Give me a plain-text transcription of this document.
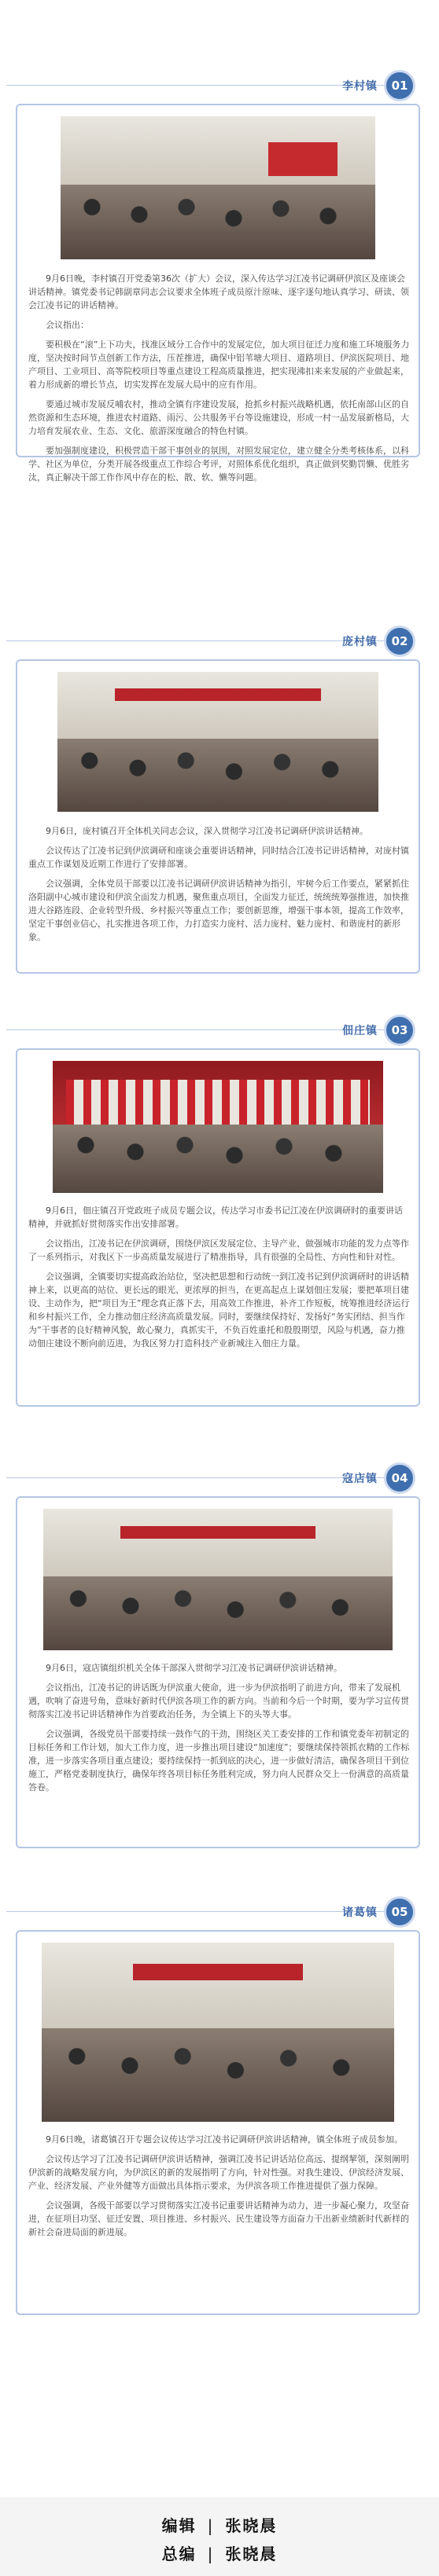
李村镇	01

9月6日晚，李村镇召开党委第36次（扩大）会议，深入传达学习江凌书记调研伊滨区及座谈会讲话精神。镇党委书记韩副章同志会议要求全体班子成员原汁原味、逐字逐句地认真学习、研读、领会江凌书记的讲话精神。

会议指出：

要积极在“滚”上下功夫，找准区域分工合作中的发展定位，加大项目征迁力度和施工环境服务力度，坚决按时间节点创新工作方法，压茬推进，确保中铝苇塘大项目、道路项目、伊滨医院项目、地产项目、工业项目、高等院校项目等重点建设工程高质量推进，把实现沸扣来来发展的产业做起来，着力形成新的增长节点，切实发挥在发展大局中的应有作用。

要通过城市发展反哺农村，推动全镇有序建设发展，抢抓乡村振兴战略机遇，依托南部山区的自然资源和生态环境，推进农村道路、雨污、公共服务平台等设施建设，形成一村一品发展新格局，大力培育发展农业、生态、文化、旅游深度融合的特色村镇。

要加强制度建设，积极营造干部干事创业的氛围，对照发展定位，建立健全分类考核体系，以科学、社区为单位，分类开展各级重点工作综合考评，对照体系优化组织，真正做到奖勤罚懒、优胜劣汰，真正解决干部工作作风中存在的松、散、软、懒等问题。

庞村镇	02

9月6日，庞村镇召开全体机关同志会议，深入贯彻学习江凌书记调研伊滨讲话精神。

会议传达了江凌书记到伊滨调研和座谈会重要讲话精神，同时结合江凌书记讲话精神，对庞村镇重点工作谋划及近期工作进行了安排部署。

会议强调，全体党员干部要以江凌书记调研伊滨讲话精神为指引，牢树今后工作要点，紧紧抓住洛阳副中心城市建设和伊滨全面发力机遇，聚焦重点项目，全面发力征迁，统统统筹强推进，加快推进大谷路连段、企业转型升级、乡村振兴等重点工作；要创新思维，增强干事本领，提高工作效率，坚定干事创业信心，扎实推进各项工作，力打造实力庞村、活力庞村、魅力庞村、和谐庞村的新形象。

佃庄镇	03

9月6日，佃庄镇召开党政班子成员专题会议，传达学习市委书记江凌在伊滨调研时的重要讲话精神，并就抓好贯彻落实作出安排部署。

会议指出，江凌书记在伊滨调研，围绕伊滨区发展定位、主导产业、做强城市功能的发力点等作了一系列指示，对我区下一步高质量发展进行了精准指导，具有很强的全局性、方向性和针对性。

会议强调，全镇要切实提高政治站位，坚决把思想和行动统一到江凌书记到伊滨调研时的讲话精神上来，以更高的站位、更长远的眼光、更浓厚的担当，在更高起点上谋划佃庄发展；要把革项目建设、主动作为，把“项目为王”理念真正落下去，用高效工作推进，补齐工作短板，统筹推进经济运行和乡村振兴工作，全力推动佃庄经济高质量发展。同时，要继续保持好、发扬好“务实团结、担当作为”干事者的良好精神风貌，敢心聚力，真抓实干，不负百姓重托和殷殷期望，风险与机遇，奋力推动佃庄建设不断向前迈进，为我区努力打造科技产业新城注入佃庄力量。

寇店镇	04

9月6日，寇店镇组织机关全体干部深入贯彻学习江凌书记调研伊滨讲话精神。

会议指出，江凌书记的讲话既为伊滨重大使命，进一步为伊滨指明了前进方向，带来了发展机遇，吹响了奋进号角，意味好新时代伊滨各项工作的新方向。当前和今后一个时期，要为学习宣传贯彻落实江凌书记讲话精神作为首要政治任务，为全镇上下的头等大事。

会议强调，各级党员干部要持续一鼓作气的干劲，围绕区关工委安排的工作和镇党委年初制定的目标任务和工作计划，加大工作力度，进一步推出项目建设“加速度”；要继续保持领抓衣精的工作标准，进一步落实各项目重点建设；要持续保持一抓到底的决心，进一步做好清洁，确保各项目干到位施工，严格党委制度执行，确保年终各项目标任务胜利完成，努力向人民群众交上一份满意的高质量答卷。

诸葛镇	05

9月6日晚，诸葛镇召开专题会议传达学习江凌书记调研伊滨讲话精神，镇全体班子成员参加。

会议传达学习了江凌书记调研伊滨讲话精神，强调江凌书记讲话站位高远、提纲挈领，深刻阐明伊滨新的战略发展方向，为伊滨区的新的发展指明了方向，针对性强。对我生建设、伊滨经济发展、产业、经济发展、产业外健等方面做出具体指示要求，为伊滨各项工作推进提供了强力保障。

会议强调，各级干部要以学习贯彻落实江凌书记重要讲话精神为动力，进一步凝心聚力，攻坚奋进，在征项目功坚、征迁安置、项目推进、乡村振兴、民生建设等方面奋力干出新业绩新时代新样的新社会奋进局面的新进展。

编辑 | 张晓晨
总编 | 张晓晨
